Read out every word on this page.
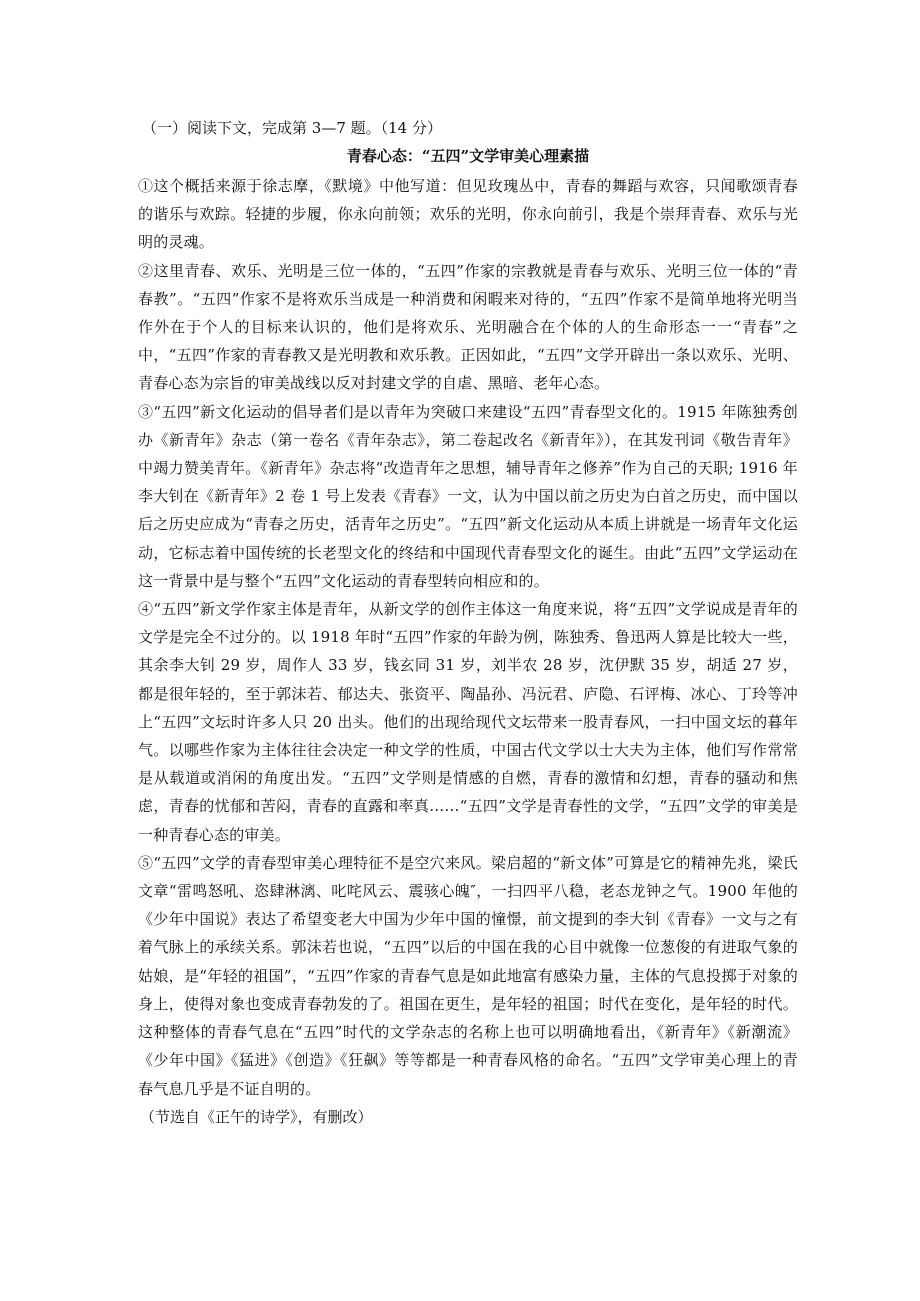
（一）阅读下文，完成第 3—7 题。（14 分）

青春心态：“五四”文学审美心理素描

①这个概括来源于徐志摩，《默境》中他写道：但见玫瑰丛中，青春的舞蹈与欢容，只闻歌颂青春的谐乐与欢踪。轻捷的步履，你永向前领；欢乐的光明，你永向前引，我是个崇拜青春、欢乐与光明的灵魂。

②这里青春、欢乐、光明是三位一体的，“五四”作家的宗教就是青春与欢乐、光明三位一体的“青春教”。“五四”作家不是将欢乐当成是一种消费和闲暇来对待的，“五四”作家不是简单地将光明当作外在于个人的目标来认识的，他们是将欢乐、光明融合在个体的人的生命形态一一“青春”之中，“五四”作家的青春教又是光明教和欢乐教。正因如此，“五四”文学开辟出一条以欢乐、光明、青春心态为宗旨的审美战线以反对封建文学的自虐、黑暗、老年心态。

③“五四”新文化运动的倡导者们是以青年为突破口来建设“五四”青春型文化的。1915 年陈独秀创办《新青年》杂志（第一卷名《青年杂志》，第二卷起改名《新青年》），在其发刊词《敬告青年》中竭力赞美青年。《新青年》杂志将“改造青年之思想，辅导青年之修养”作为自己的天职; 1916 年李大钊在《新青年》2 卷 1 号上发表《青春》一文，认为中国以前之历史为白首之历史，而中国以后之历史应成为“青春之历史，活青年之历史”。“五四”新文化运动从本质上讲就是一场青年文化运动，它标志着中国传统的长老型文化的终结和中国现代青春型文化的诞生。由此“五四”文学运动在这一背景中是与整个“五四”文化运动的青春型转向相应和的。

④“五四”新文学作家主体是青年，从新文学的创作主体这一角度来说，将“五四”文学说成是青年的文学是完全不过分的。以 1918 年时“五四”作家的年龄为例，陈独秀、鲁迅两人算是比较大一些，其余李大钊 29 岁，周作人 33 岁，钱玄同 31 岁，刘半农 28 岁，沈伊默 35 岁，胡适 27 岁，都是很年轻的，至于郭沫若、郁达夫、张资平、陶晶孙、冯沅君、庐隐、石评梅、冰心、丁玲等冲上“五四”文坛时许多人只 20 出头。他们的出现给现代文坛带来一股青春风，一扫中国文坛的暮年气。以哪些作家为主体往往会决定一种文学的性质，中国古代文学以士大夫为主体，他们写作常常是从载道或消闲的角度出发。“五四”文学则是情感的自燃，青春的激情和幻想，青春的骚动和焦虑，青春的忧郁和苦闷，青春的直露和率真……“五四”文学是青春性的文学，“五四”文学的审美是一种青春心态的审美。

⑤“五四”文学的青春型审美心理特征不是空穴来风。梁启超的“新文体”可算是它的精神先兆，梁氏文章“雷鸣怒吼、恣肆淋漓、叱咤风云、震骇心魄″，一扫四平八稳，老态龙钟之气。1900 年他的《少年中国说》表达了希望变老大中国为少年中国的憧憬，前文提到的李大钊《青春》一文与之有着气脉上的承续关系。郭沫若也说，“五四”以后的中国在我的心目中就像一位葱俊的有进取气象的姑娘，是“年轻的祖国”，“五四”作家的青春气息是如此地富有感染力量，主体的气息投掷于对象的身上，使得对象也变成青春勃发的了。祖国在更生，是年轻的祖国；时代在变化，是年轻的时代。这种整体的青春气息在“五四”时代的文学杂志的名称上也可以明确地看出，《新青年》《新潮流》《少年中国》《猛进》《创造》《狂飙》等等都是一种青春风格的命名。“五四”文学审美心理上的青春气息几乎是不证自明的。

（节选自《正午的诗学》，有删改）
